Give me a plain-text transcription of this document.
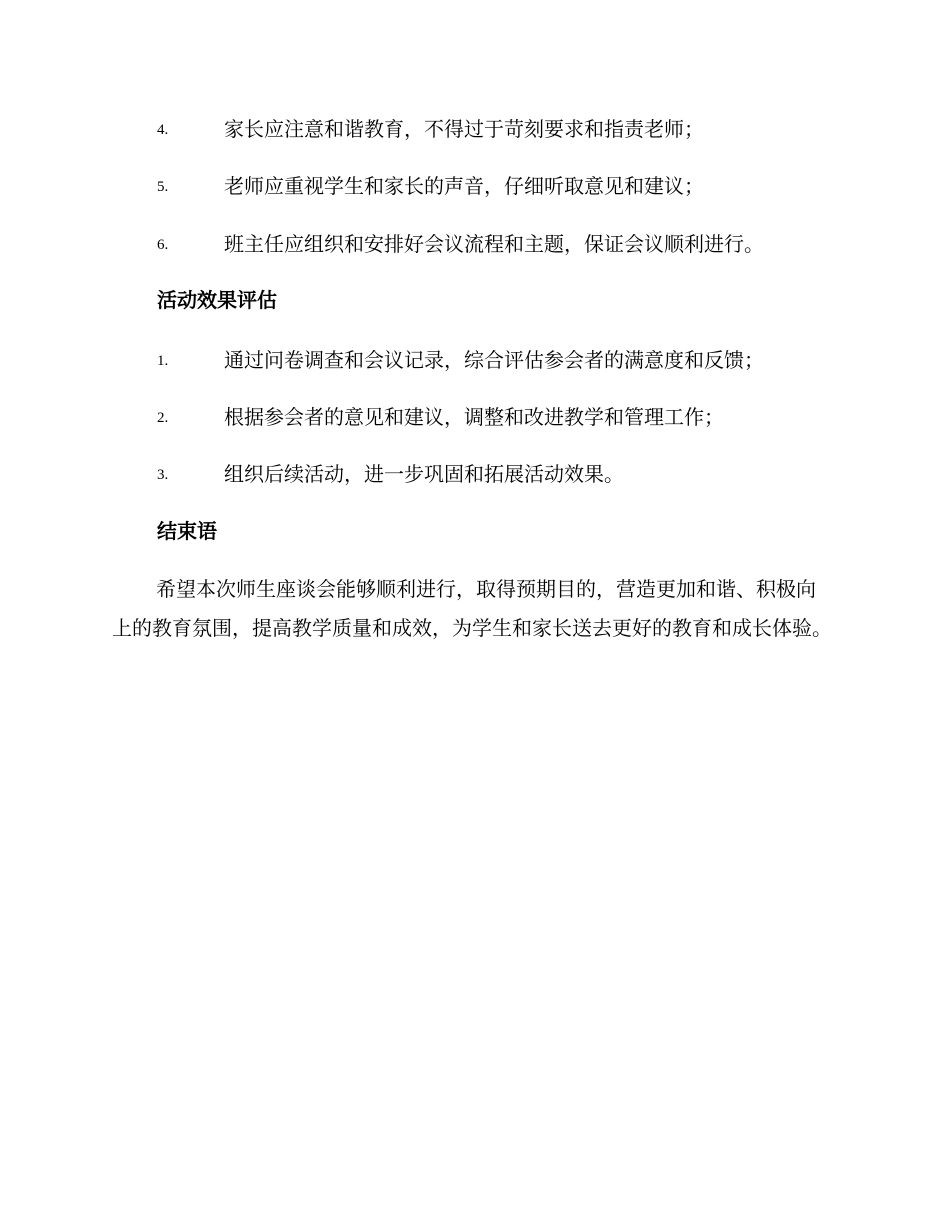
4.	家长应注意和谐教育，不得过于苛刻要求和指责老师；
5.	老师应重视学生和家长的声音，仔细听取意见和建议；
6.	班主任应组织和安排好会议流程和主题，保证会议顺利进行。
活动效果评估
1.	通过问卷调查和会议记录，综合评估参会者的满意度和反馈；
2.	根据参会者的意见和建议，调整和改进教学和管理工作；
3.	组织后续活动，进一步巩固和拓展活动效果。
结束语

希望本次师生座谈会能够顺利进行，取得预期目的，营造更加和谐、积极向上的教育氛围，提高教学质量和成效，为学生和家长送去更好的教育和成长体验。
